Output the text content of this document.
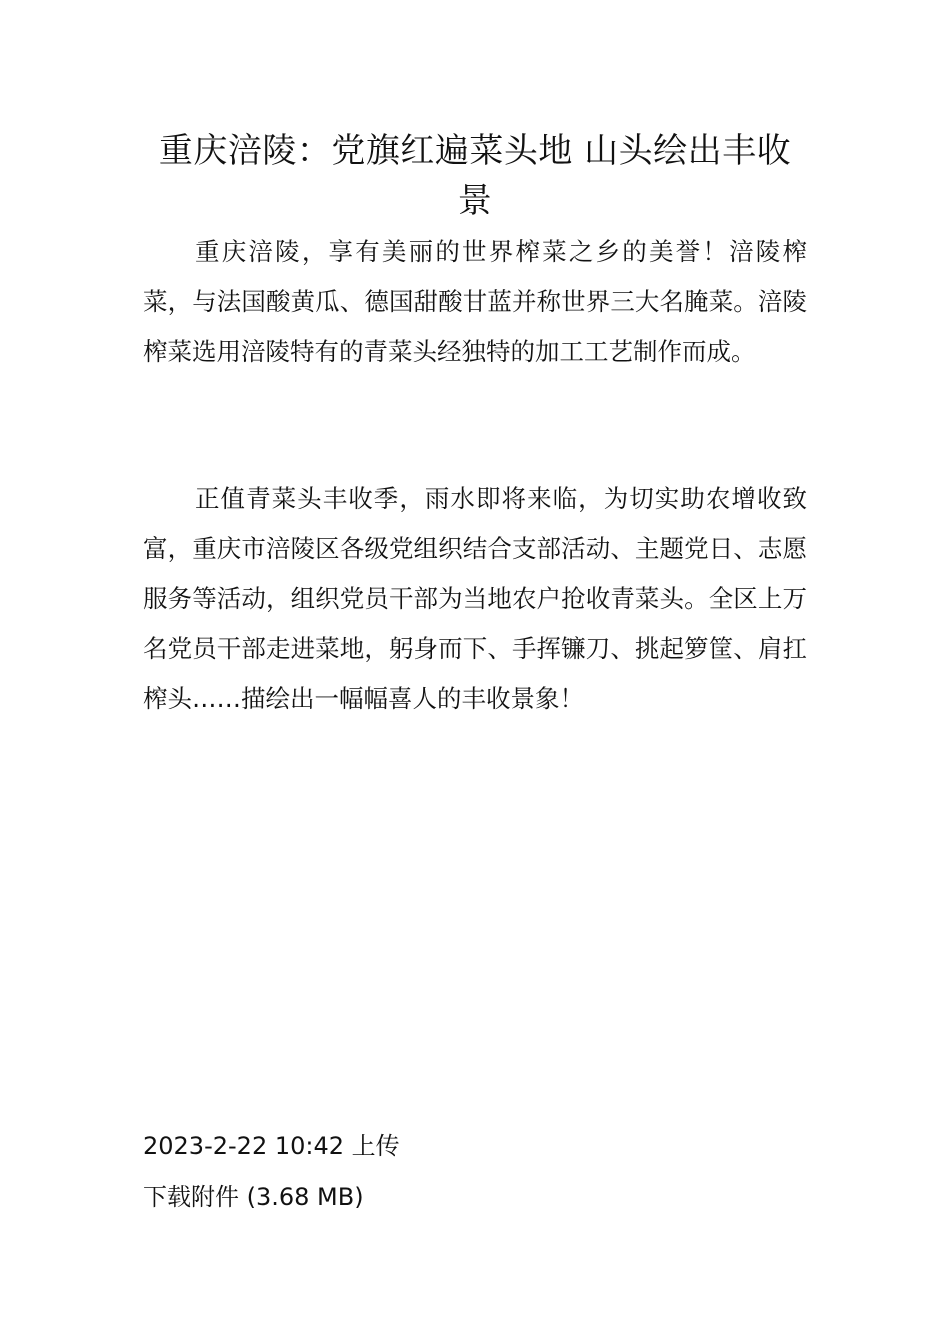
重庆涪陵：党旗红遍菜头地 山头绘出丰收景

重庆涪陵，享有美丽的世界榨菜之乡的美誉！涪陵榨菜，与法国酸黄瓜、德国甜酸甘蓝并称世界三大名腌菜。涪陵榨菜选用涪陵特有的青菜头经独特的加工工艺制作而成。

正值青菜头丰收季，雨水即将来临，为切实助农增收致富，重庆市涪陵区各级党组织结合支部活动、主题党日、志愿服务等活动，组织党员干部为当地农户抢收青菜头。全区上万名党员干部走进菜地，躬身而下、手挥镰刀、挑起箩筐、肩扛榨头……描绘出一幅幅喜人的丰收景象！

2023-2-22 10:42 上传
下载附件 (3.68 MB)
